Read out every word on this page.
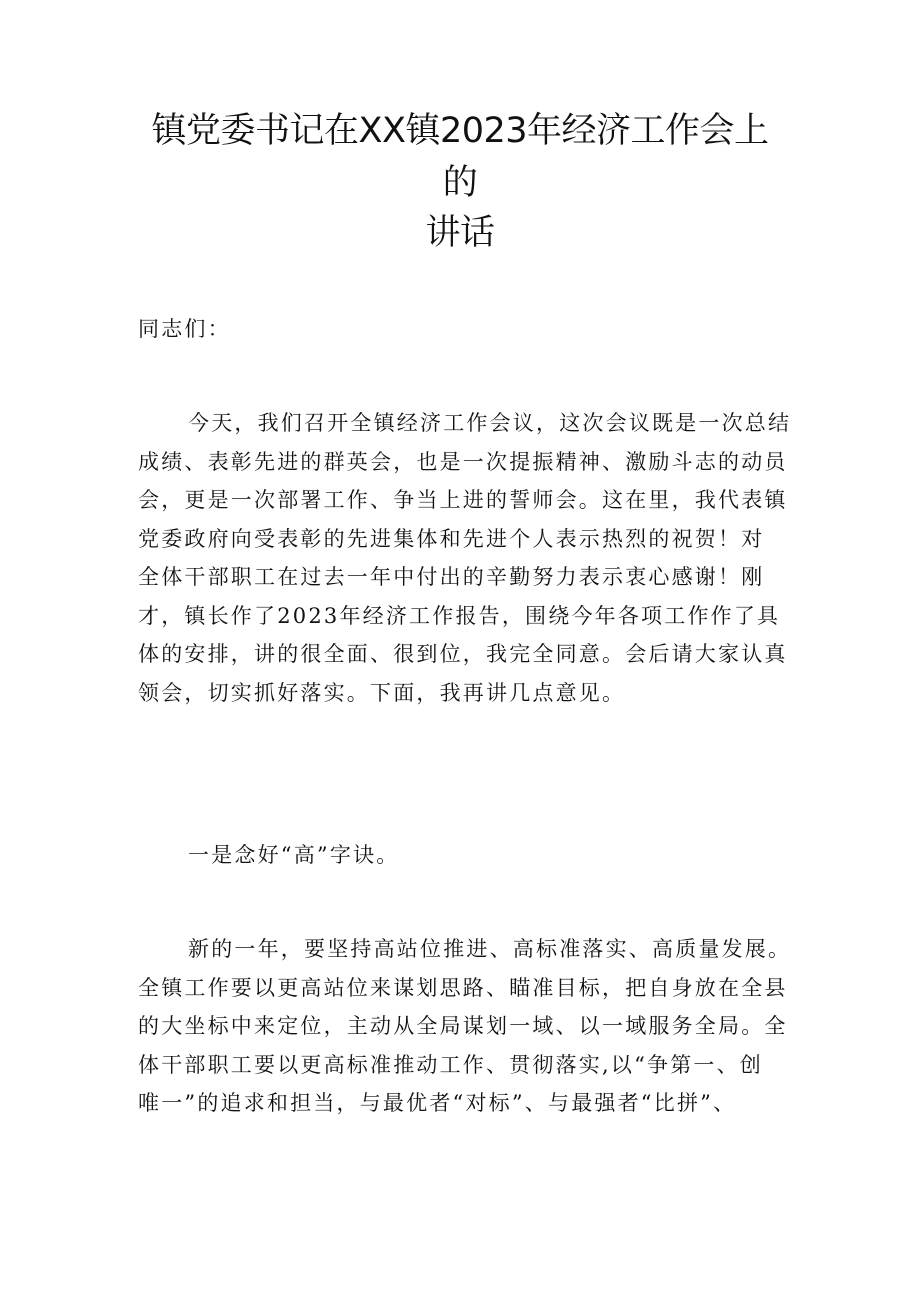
镇党委书记在XX镇2023年经济工作会上
的
讲话

同志们：

今天，我们召开全镇经济工作会议，这次会议既是一次总结
成绩、表彰先进的群英会，也是一次提振精神、激励斗志的动员
会，更是一次部署工作、争当上进的誓师会。这在里，我代表镇
党委政府向受表彰的先进集体和先进个人表示热烈的祝贺！对
全体干部职工在过去一年中付出的辛勤努力表示衷心感谢！刚
才，镇长作了2023年经济工作报告，围绕今年各项工作作了具
体的安排，讲的很全面、很到位，我完全同意。会后请大家认真
领会，切实抓好落实。下面，我再讲几点意见。

一是念好“高”字诀。

新的一年，要坚持高站位推进、高标准落实、高质量发展。
全镇工作要以更高站位来谋划思路、瞄准目标，把自身放在全县
的大坐标中来定位，主动从全局谋划一域、以一域服务全局。全
体干部职工要以更高标准推动工作、贯彻落实,以“争第一、创
唯一”的追求和担当，与最优者“对标”、与最强者“比拼”、
